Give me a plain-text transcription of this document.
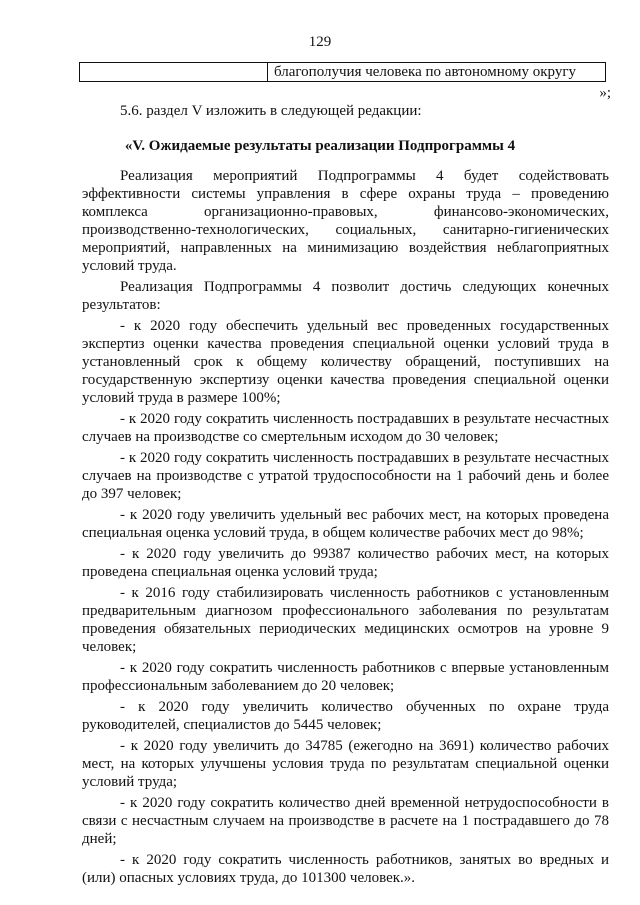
129
	благополучия человека по автономному округу
»;
5.6. раздел V изложить в следующей редакции:
«V. Ожидаемые результаты реализации Подпрограммы 4

Реализация мероприятий Подпрограммы 4 будет содействовать эффективности системы управления в сфере охраны труда – проведению комплекса организационно-правовых, финансово-экономических, производственно-технологических, социальных, санитарно-гигиенических мероприятий, направленных на минимизацию воздействия неблагоприятных условий труда.

Реализация Подпрограммы 4 позволит достичь следующих конечных результатов:

- к 2020 году обеспечить удельный вес проведенных государственных экспертиз оценки качества проведения специальной оценки условий труда в установленный срок к общему количеству обращений, поступивших на государственную экспертизу оценки качества проведения специальной оценки условий труда в размере 100%;

- к 2020 году сократить численность пострадавших в результате несчастных случаев на производстве со смертельным исходом до 30 человек;

- к 2020 году сократить численность пострадавших в результате несчастных случаев на производстве с утратой трудоспособности на 1 рабочий день и более до 397 человек;

- к 2020 году увеличить удельный вес рабочих мест, на которых проведена специальная оценка условий труда, в общем количестве рабочих мест до 98%;

- к 2020 году увеличить до 99387 количество рабочих мест, на которых проведена специальная оценка условий труда;

- к 2016 году стабилизировать численность работников с установленным предварительным диагнозом профессионального заболевания по результатам проведения обязательных периодических медицинских осмотров на уровне 9 человек;

- к 2020 году сократить численность работников с впервые установленным профессиональным заболеванием до 20 человек;

- к 2020 году увеличить количество обученных по охране труда руководителей, специалистов до 5445 человек;

- к 2020 году увеличить до 34785 (ежегодно на 3691) количество рабочих мест, на которых улучшены условия труда по результатам специальной оценки условий труда;

- к 2020 году сократить количество дней временной нетрудоспособности в связи с несчастным случаем на производстве в расчете на 1 пострадавшего до 78 дней;

- к 2020 году сократить численность работников, занятых во вредных и (или) опасных условиях труда, до 101300 человек.».
